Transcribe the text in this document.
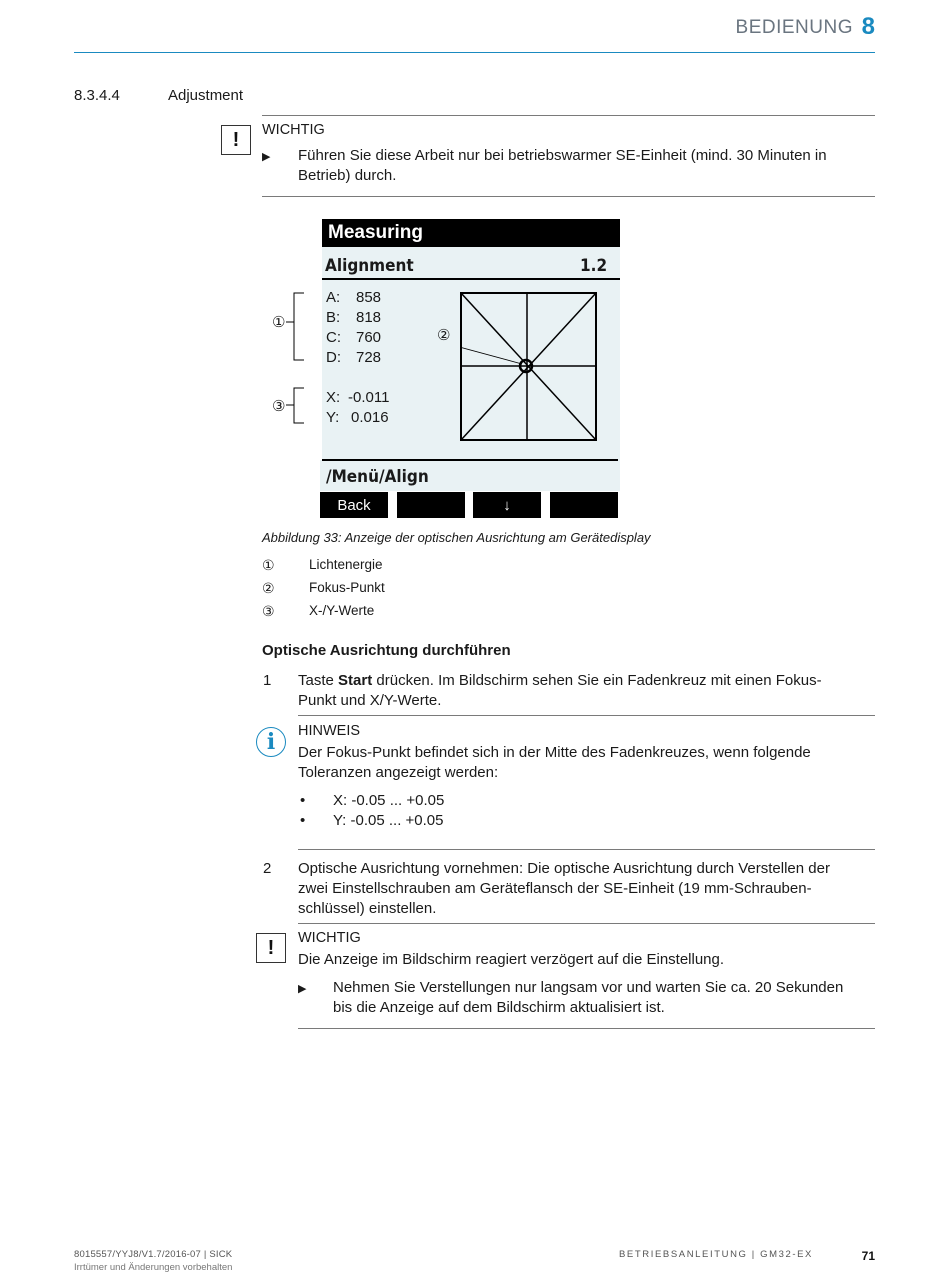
BEDIENUNG 8
8.3.4.4	Adjustment
!	WICHTIG
▶ Führen Sie diese Arbeit nur bei betriebswarmer SE-Einheit (mind. 30 Minuten in
Betrieb) durch.
Measuring
Alignment	1.2
A: 858
B: 818
C: 760
D: 728
X: -0.011
Y: 0.016
/Menü/Align
Back	↓
①
②
③
Abbildung 33: Anzeige der optischen Ausrichtung am Gerätedisplay
①	Lichtenergie
②	Fokus-Punkt
③	X-/Y-Werte
Optische Ausrichtung durchführen
1 Taste Start drücken. Im Bildschirm sehen Sie ein Fadenkreuz mit einen Fokus-
Punkt und X/Y-Werte.
i	HINWEIS
Der Fokus-Punkt befindet sich in der Mitte des Fadenkreuzes, wenn folgende
Toleranzen angezeigt werden:
• X: -0.05 ... +0.05
• Y: -0.05 ... +0.05
2 Optische Ausrichtung vornehmen: Die optische Ausrichtung durch Verstellen der
zwei Einstellschrauben am Geräteflansch der SE-Einheit (19 mm-Schrauben-
schlüssel) einstellen.
!	WICHTIG
Die Anzeige im Bildschirm reagiert verzögert auf die Einstellung.
▶ Nehmen Sie Verstellungen nur langsam vor und warten Sie ca. 20 Sekunden
bis die Anzeige auf dem Bildschirm aktualisiert ist.
8015557/YYJ8/V1.7/2016-07 | SICK
Irrtümer und Änderungen vorbehalten
BETRIEBSANLEITUNG | GM32-EX	71
